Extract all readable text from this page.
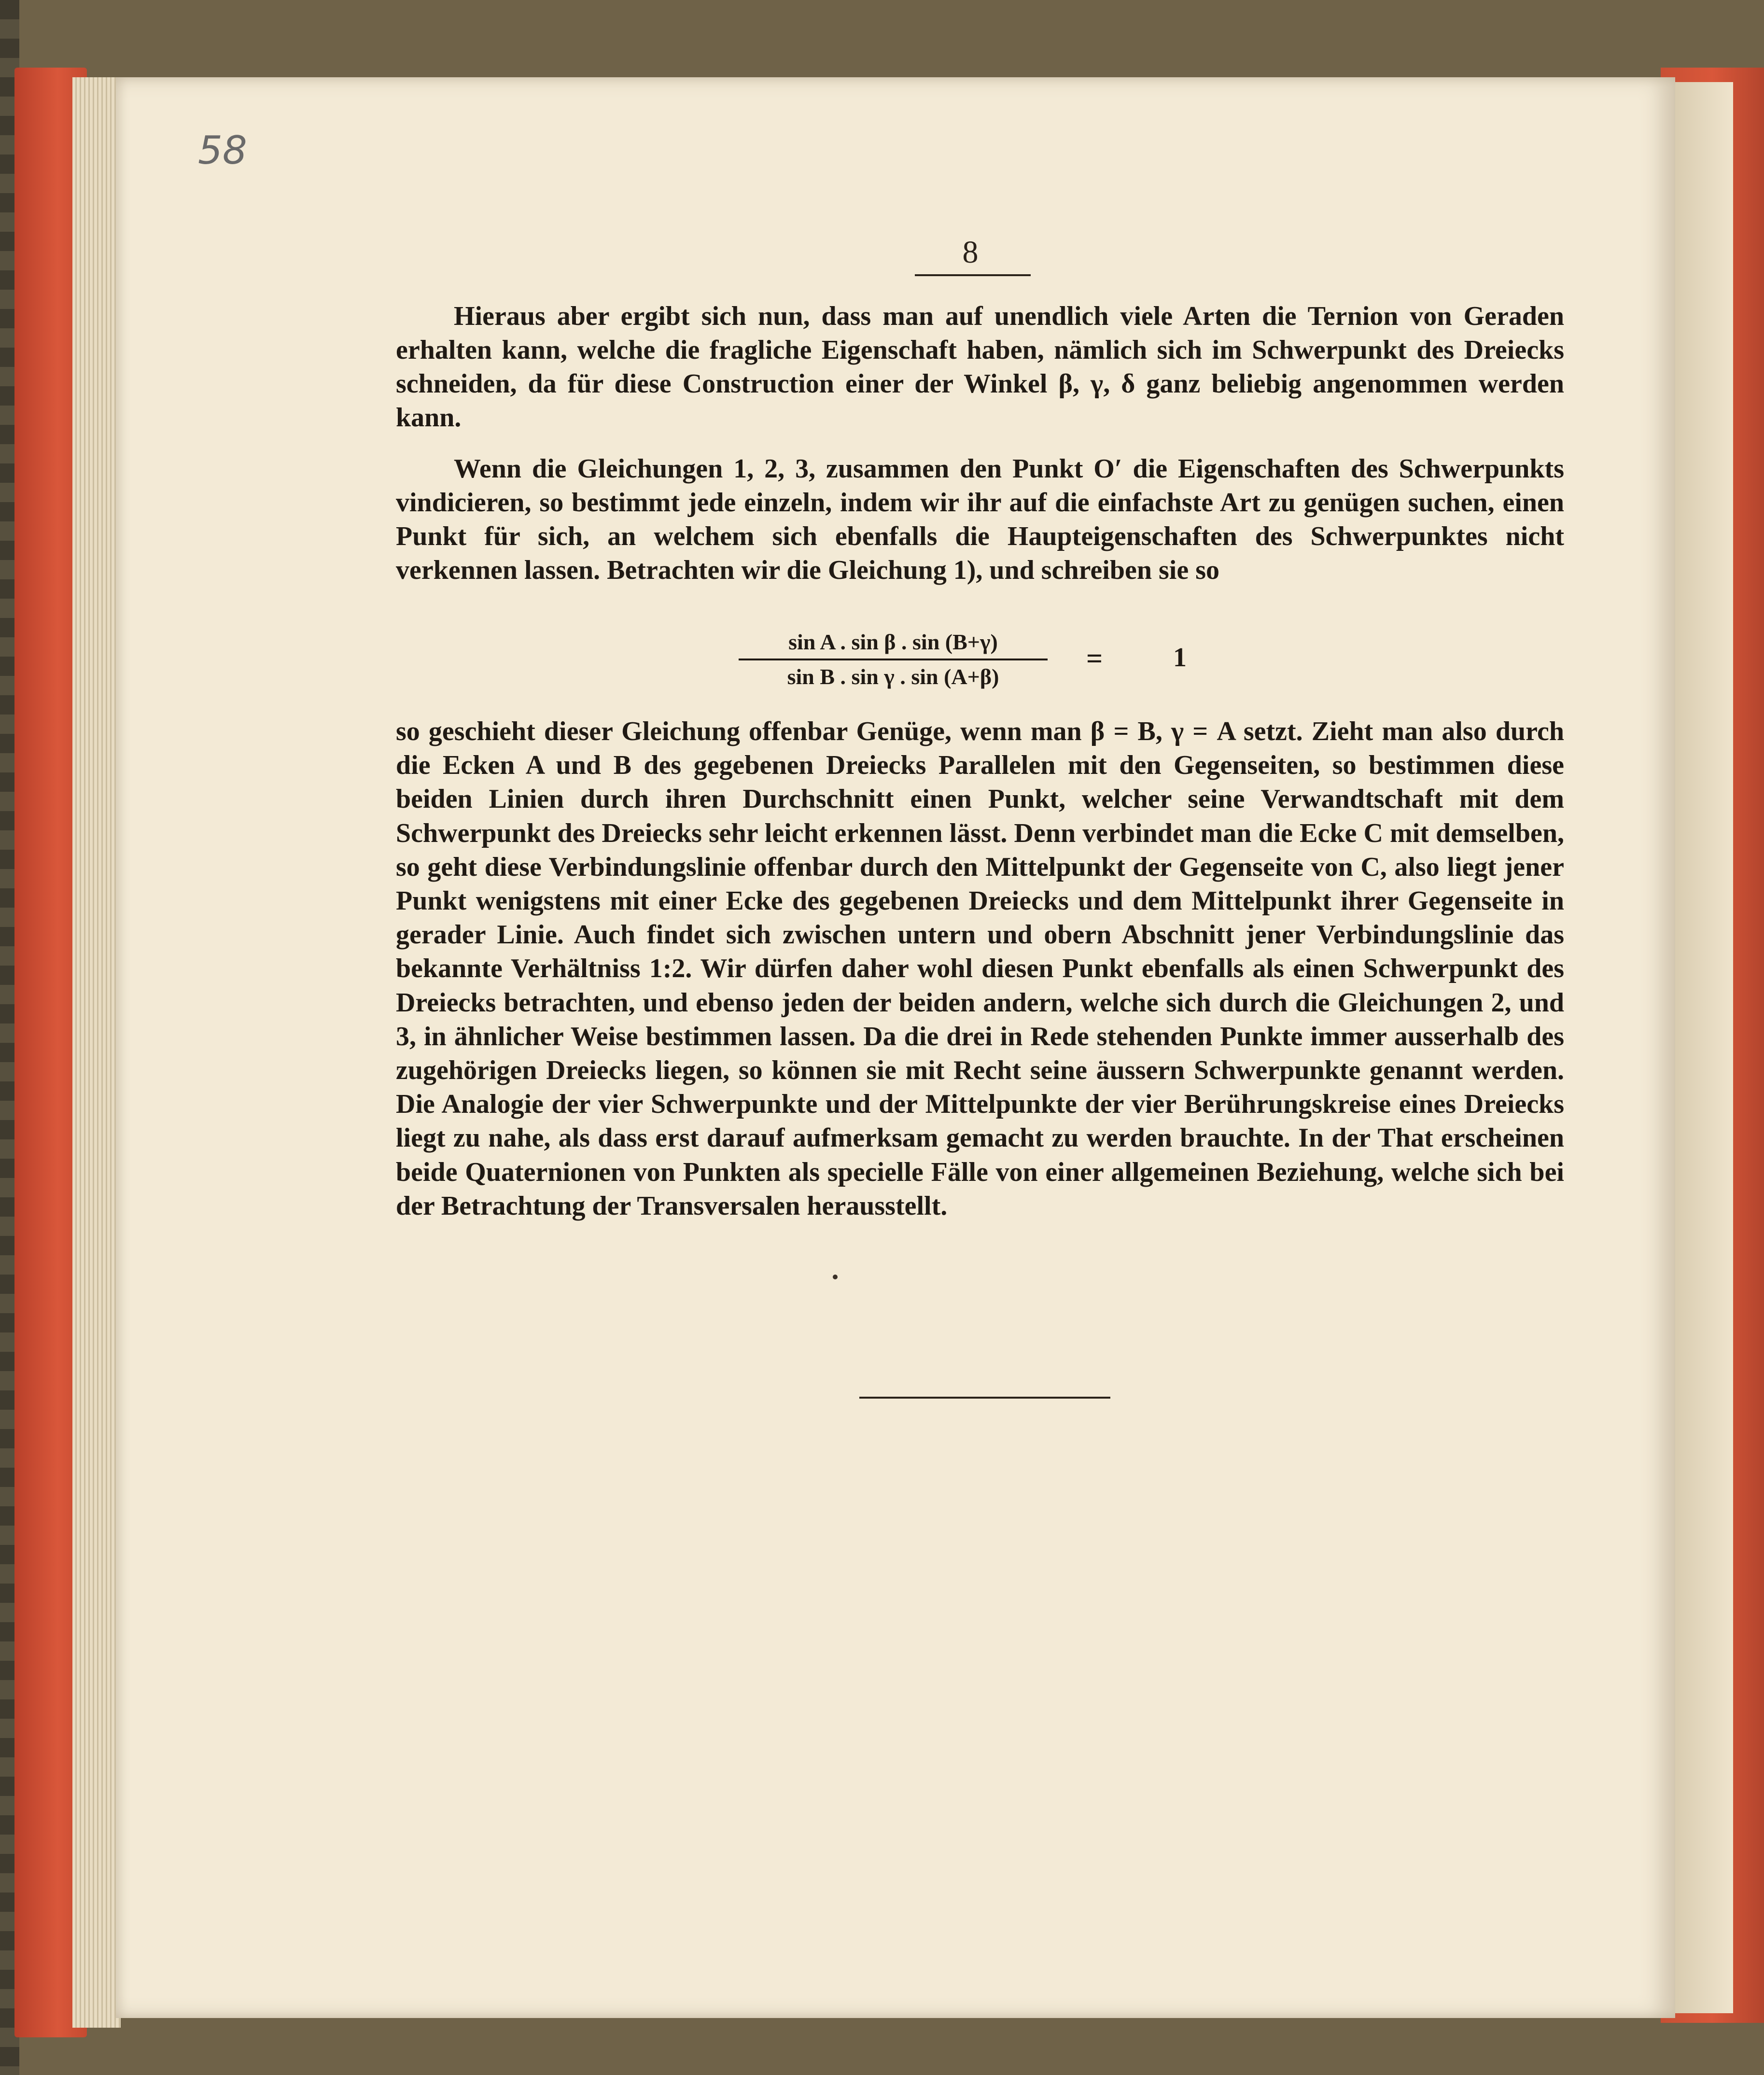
58
8

Hieraus aber ergibt sich nun, dass man auf unendlich viele Arten die Ternion von Geraden erhalten kann, welche die fragliche Eigenschaft haben, nämlich sich im Schwerpunkt des Dreiecks schneiden, da für diese Construction einer der Winkel β, γ, δ ganz beliebig angenommen werden kann.

Wenn die Gleichungen 1, 2, 3, zusammen den Punkt O′ die Eigenschaften des Schwerpunkts vindicieren, so bestimmt jede einzeln, indem wir ihr auf die einfachste Art zu genügen suchen, einen Punkt für sich, an welchem sich ebenfalls die Haupteigenschaften des Schwerpunktes nicht verkennen lassen. Betrachten wir die Gleichung 1), und schreiben sie so

sin A . sin β . sin (B+γ)
sin B . sin γ . sin (A+β)
=	1

so geschieht dieser Gleichung offenbar Genüge, wenn man β = B, γ = A setzt. Zieht man also durch die Ecken A und B des gegebenen Dreiecks Parallelen mit den Gegenseiten, so bestimmen diese beiden Linien durch ihren Durchschnitt einen Punkt, welcher seine Verwandtschaft mit dem Schwerpunkt des Dreiecks sehr leicht erkennen lässt. Denn verbindet man die Ecke C mit demselben, so geht diese Verbindungslinie offenbar durch den Mittelpunkt der Gegenseite von C, also liegt jener Punkt wenigstens mit einer Ecke des gegebenen Dreiecks und dem Mittelpunkt ihrer Gegenseite in gerader Linie. Auch findet sich zwischen untern und obern Abschnitt jener Verbindungslinie das bekannte Verhältniss 1:2. Wir dürfen daher wohl diesen Punkt ebenfalls als einen Schwerpunkt des Dreiecks betrachten, und ebenso jeden der beiden andern, welche sich durch die Gleichungen 2, und 3, in ähnlicher Weise bestimmen lassen. Da die drei in Rede stehenden Punkte immer ausserhalb des zugehörigen Dreiecks liegen, so können sie mit Recht seine äussern Schwerpunkte genannt werden. Die Analogie der vier Schwerpunkte und der Mittelpunkte der vier Berührungskreise eines Dreiecks liegt zu nahe, als dass erst darauf aufmerksam gemacht zu werden brauchte. In der That erscheinen beide Quaternionen von Punkten als specielle Fälle von einer allgemeinen Beziehung, welche sich bei der Betrachtung der Transversalen herausstellt.
